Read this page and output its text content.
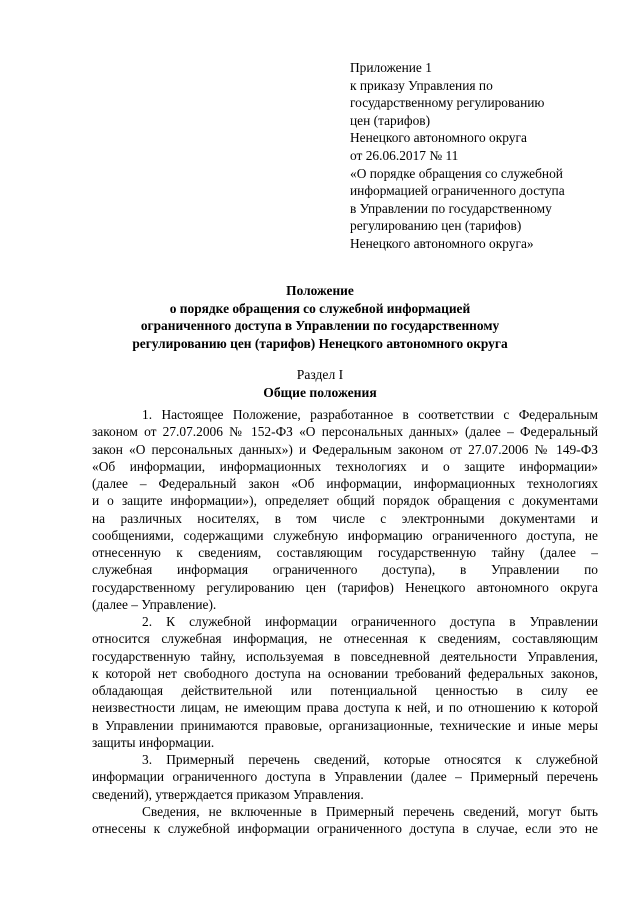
Приложение 1
к приказу Управления по
государственному регулированию
цен (тарифов)
Ненецкого автономного округа
от 26.06.2017 № 11
«О порядке обращения со служебной
информацией ограниченного доступа
в Управлении по государственному
регулированию цен (тарифов)
Ненецкого автономного округа»
Положение
о порядке обращения со служебной информацией
ограниченного доступа в Управлении по государственному
регулированию цен (тарифов) Ненецкого автономного округа
Раздел I
Общие положения
1. Настоящее Положение, разработанное в соответствии с Федеральным
законом от 27.07.2006 № 152-ФЗ «О персональных данных» (далее – Федеральный
закон «О персональных данных») и Федеральным законом от 27.07.2006 № 149-ФЗ
«Об информации, информационных технологиях и о защите информации»
(далее – Федеральный закон «Об информации, информационных технологиях
и о защите информации»), определяет общий порядок обращения с документами
на различных носителях, в том числе с электронными документами и
сообщениями, содержащими служебную информацию ограниченного доступа, не
отнесенную к сведениям, составляющим государственную тайну (далее –
служебная информация ограниченного доступа), в Управлении по
государственному регулированию цен (тарифов) Ненецкого автономного округа
(далее – Управление).
2. К служебной информации ограниченного доступа в Управлении
относится служебная информация, не отнесенная к сведениям, составляющим
государственную тайну, используемая в повседневной деятельности Управления,
к которой нет свободного доступа на основании требований федеральных законов,
обладающая действительной или потенциальной ценностью в силу ее
неизвестности лицам, не имеющим права доступа к ней, и по отношению к которой
в Управлении принимаются правовые, организационные, технические и иные меры
защиты информации.
3. Примерный перечень сведений, которые относятся к служебной
информации ограниченного доступа в Управлении (далее – Примерный перечень
сведений), утверждается приказом Управления.
Сведения, не включенные в Примерный перечень сведений, могут быть
отнесены к служебной информации ограниченного доступа в случае, если это не
